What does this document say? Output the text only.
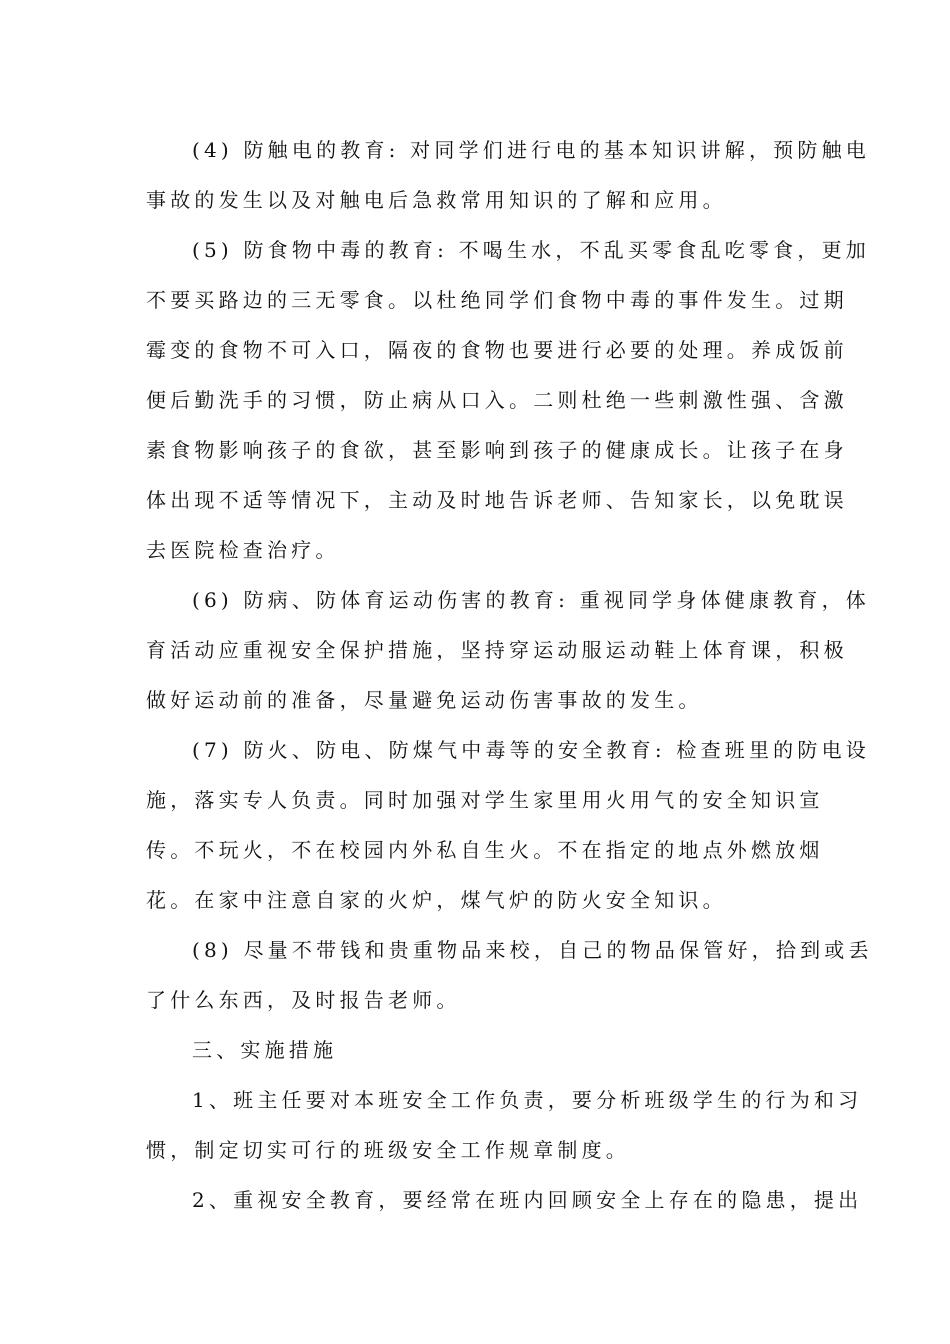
(4) 防触电的教育: 对同学们进行电的基本知识讲解，预防触电
事故的发生以及对触电后急救常用知识的了解和应用。
(5) 防食物中毒的教育: 不喝生水，不乱买零食乱吃零食，更加
不要买路边的三无零食。以杜绝同学们食物中毒的事件发生。过期
霉变的食物不可入口，隔夜的食物也要进行必要的处理。养成饭前
便后勤洗手的习惯，防止病从口入。二则杜绝一些刺激性强、含激
素食物影响孩子的食欲，甚至影响到孩子的健康成长。让孩子在身
体出现不适等情况下，主动及时地告诉老师、告知家长，以免耽误
去医院检查治疗。
(6) 防病、防体育运动伤害的教育: 重视同学身体健康教育，体
育活动应重视安全保护措施，坚持穿运动服运动鞋上体育课，积极
做好运动前的准备，尽量避免运动伤害事故的发生。
(7) 防火、防电、防煤气中毒等的安全教育: 检查班里的防电设
施，落实专人负责。同时加强对学生家里用火用气的安全知识宣
传。不玩火，不在校园内外私自生火。不在指定的地点外燃放烟
花。在家中注意自家的火炉，煤气炉的防火安全知识。
(8) 尽量不带钱和贵重物品来校，自己的物品保管好，拾到或丢
了什么东西，及时报告老师。
三、实施措施
1、班主任要对本班安全工作负责，要分析班级学生的行为和习
惯，制定切实可行的班级安全工作规章制度。
2、重视安全教育，要经常在班内回顾安全上存在的隐患，提出
